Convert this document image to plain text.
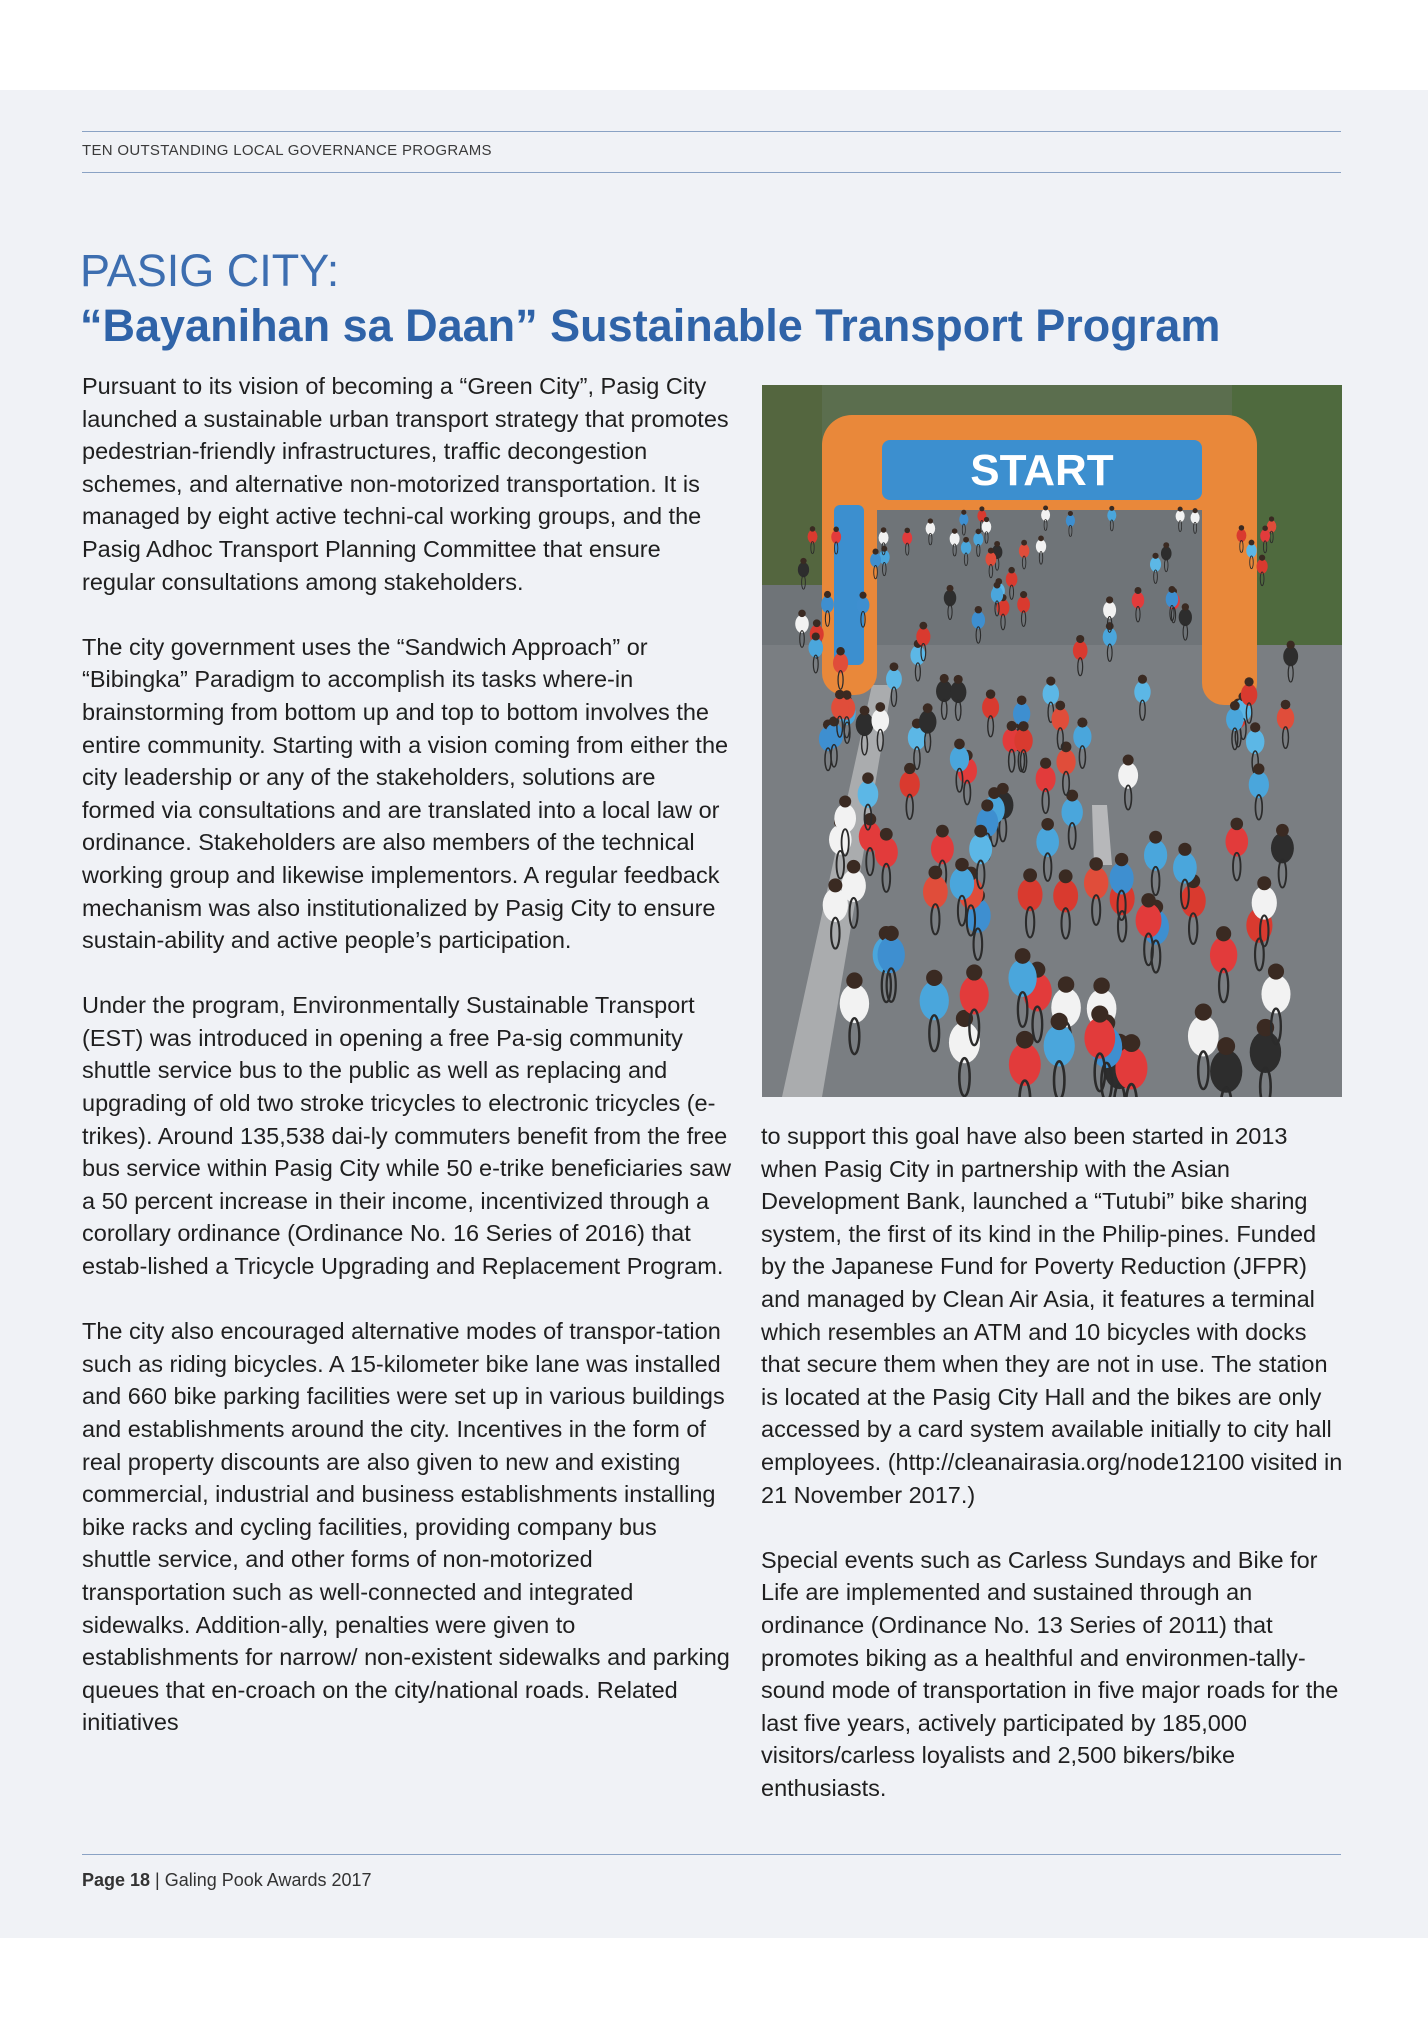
TEN OUTSTANDING LOCAL GOVERNANCE PROGRAMS
PASIG CITY:
“Bayanihan sa Daan” Sustainable Transport Program

Pursuant to its vision of becoming a “Green City”, Pasig City launched a sustainable urban transport strategy that promotes pedestrian-friendly infrastructures, traffic decongestion schemes, and alternative non-motorized transportation. It is managed by eight active techni-cal working groups, and the Pasig Adhoc Transport Planning Committee that ensure regular consultations among stakeholders.

The city government uses the “Sandwich Approach” or “Bibingka” Paradigm to accomplish its tasks where-in brainstorming from bottom up and top to bottom involves the entire community. Starting with a vision coming from either the city leadership or any of the stakeholders, solutions are formed via consultations and are translated into a local law or ordinance. Stakeholders are also members of the technical working group and likewise implementors. A regular feedback mechanism was also institutionalized by Pasig City to ensure sustain-ability and active people’s participation.

Under the program, Environmentally Sustainable Transport (EST) was introduced in opening a free Pa-sig community shuttle service bus to the public as well as replacing and upgrading of old two stroke tricycles to electronic tricycles (e-trikes). Around 135,538 dai-ly commuters benefit from the free bus service within Pasig City while 50 e-trike beneficiaries saw a 50 percent increase in their income, incentivized through a corollary ordinance (Ordinance No. 16 Series of 2016) that estab-lished a Tricycle Upgrading and Replacement Program.

The city also encouraged alternative modes of transpor-tation such as riding bicycles. A 15-kilometer bike lane was installed and 660 bike parking facilities were set up in various buildings and establishments around the city. Incentives in the form of real property discounts are also given to new and existing commercial, industrial and business establishments installing bike racks and cycling facilities, providing company bus shuttle service, and other forms of non-motorized transportation such as well-connected and integrated sidewalks. Addition-ally, penalties were given to establishments for narrow/ non-existent sidewalks and parking queues that en-croach on the city/national roads. Related initiatives

START

to support this goal have also been started in 2013 when Pasig City in partnership with the Asian Development Bank, launched a “Tutubi” bike sharing system, the first of its kind in the Philip-pines. Funded by the Japanese Fund for Poverty Reduction (JFPR) and managed by Clean Air Asia, it features a terminal which resembles an ATM and 10 bicycles with docks that secure them when they are not in use. The station is located at the Pasig City Hall and the bikes are only accessed by a card system available initially to city hall employees. (http://cleanairasia.org/node12100 visited in 21 November 2017.)

Special events such as Carless Sundays and Bike for Life are implemented and sustained through an ordinance (Ordinance No. 13 Series of 2011) that promotes biking as a healthful and environmen-tally-sound mode of transportation in five major roads for the last five years, actively participated by 185,000 visitors/carless loyalists and 2,500 bikers/bike enthusiasts.

Page 18 | Galing Pook Awards 2017
